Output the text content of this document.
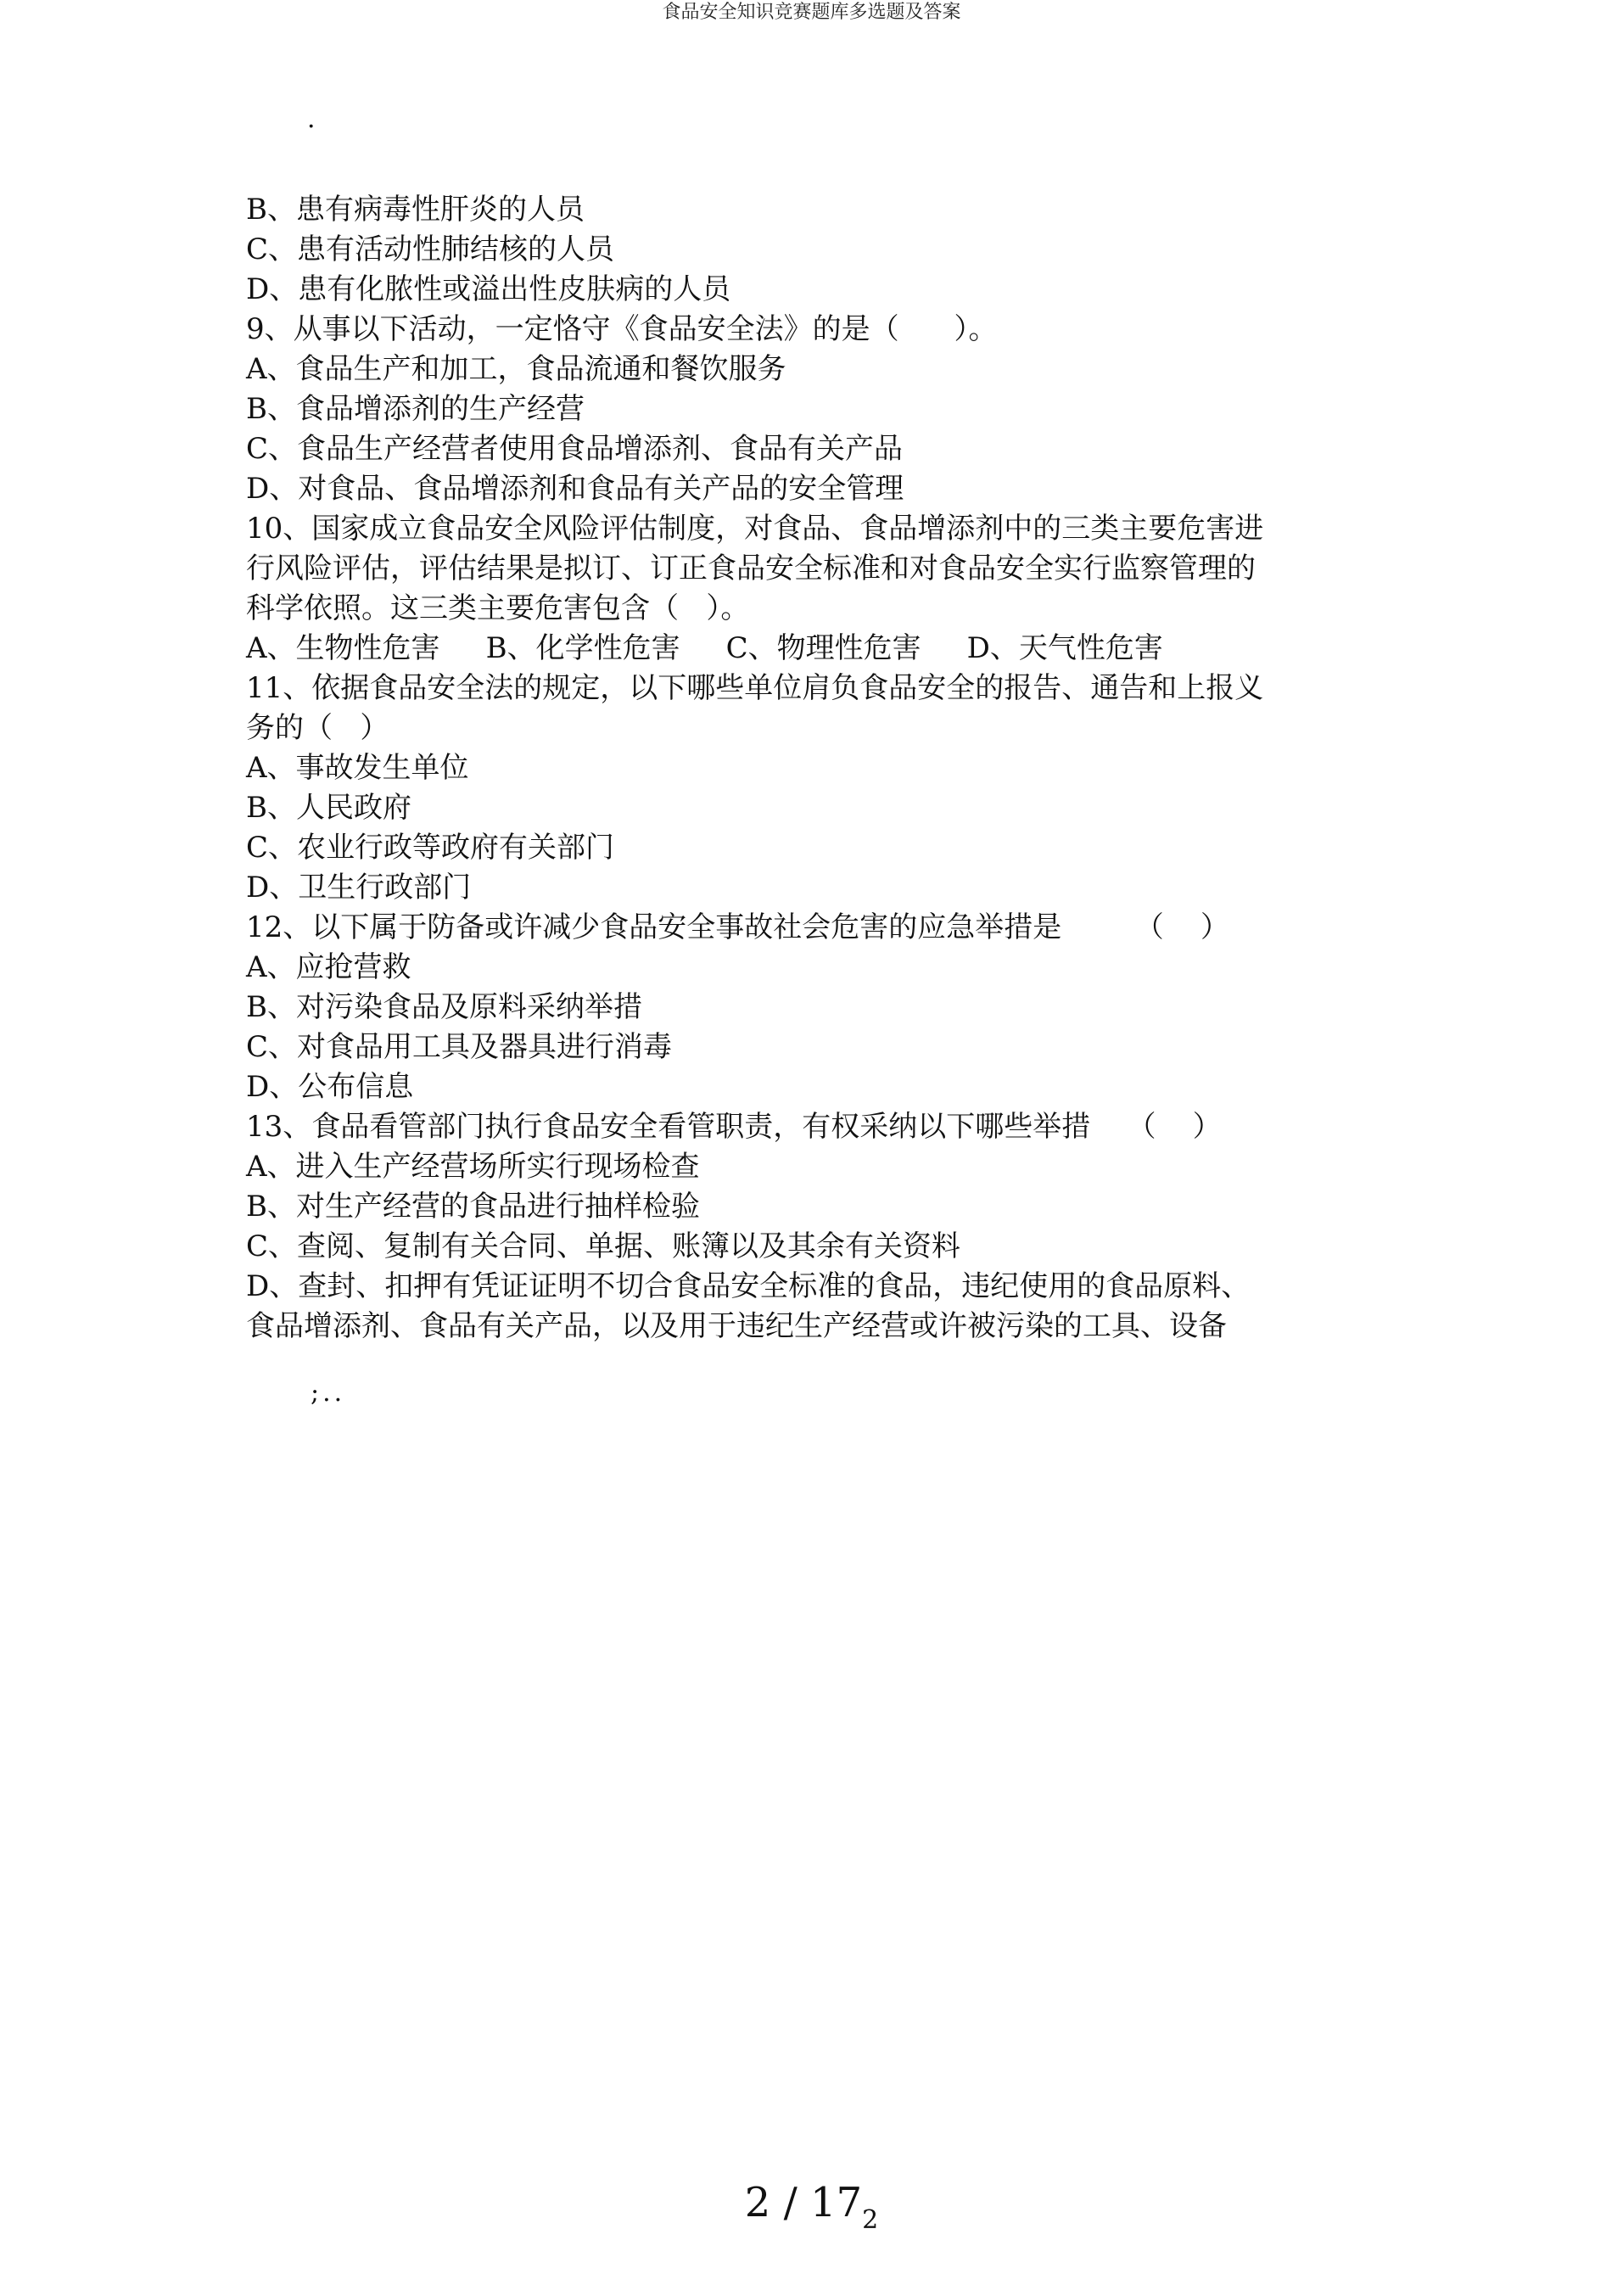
食品安全知识竞赛题库多选题及答案
·
B、患有病毒性肝炎的人员
C、患有活动性肺结核的人员
D、患有化脓性或溢出性皮肤病的人员
9、从事以下活动，一定恪守《食品安全法》的是（      ）。
A、食品生产和加工，食品流通和餐饮服务
B、食品增添剂的生产经营
C、食品生产经营者使用食品增添剂、食品有关产品
D、对食品、食品增添剂和食品有关产品的安全管理
10、国家成立食品安全风险评估制度，对食品、食品增添剂中的三类主要危害进
行风险评估，评估结果是拟订、订正食品安全标准和对食品安全实行监察管理的
科学依照。这三类主要危害包含（   ）。
A、生物性危害     B、化学性危害     C、物理性危害     D、天气性危害
11、依据食品安全法的规定，以下哪些单位肩负食品安全的报告、通告和上报义
务的（   ）
A、事故发生单位
B、人民政府
C、农业行政等政府有关部门
D、卫生行政部门
12、以下属于防备或许减少食品安全事故社会危害的应急举措是        （    ）
A、应抢营救
B、对污染食品及原料采纳举措
C、对食品用工具及器具进行消毒
D、公布信息
13、食品看管部门执行食品安全看管职责，有权采纳以下哪些举措    （    ）
A、进入生产经营场所实行现场检查
B、对生产经营的食品进行抽样检验
C、查阅、复制有关合同、单据、账簿以及其余有关资料
D、查封、扣押有凭证证明不切合食品安全标准的食品，违纪使用的食品原料、
食品增添剂、食品有关产品，以及用于违纪生产经营或许被污染的工具、设备
;..
$2 / 17_2$
